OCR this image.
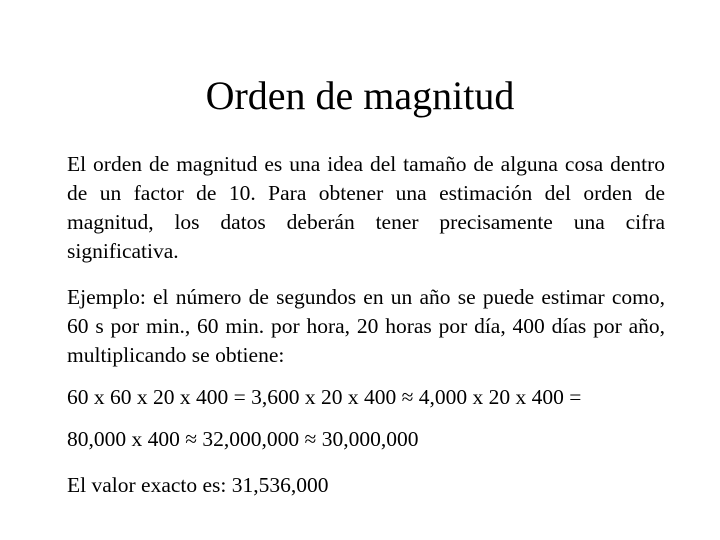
Orden de magnitud
El orden de magnitud es una idea del tamaño de alguna cosa dentro de un factor de 10. Para obtener una estimación del orden de magnitud, los datos deberán tener precisamente una cifra significativa.
Ejemplo: el número de segundos en un año se puede estimar como, 60 s por min., 60 min. por hora, 20 horas por día, 400 días por año, multiplicando se obtiene:
60 x 60 x 20 x 400 = 3,600 x 20 x 400 ≈ 4,000 x 20 x 400 =
80,000 x 400 ≈ 32,000,000 ≈ 30,000,000
El valor exacto es: 31,536,000
